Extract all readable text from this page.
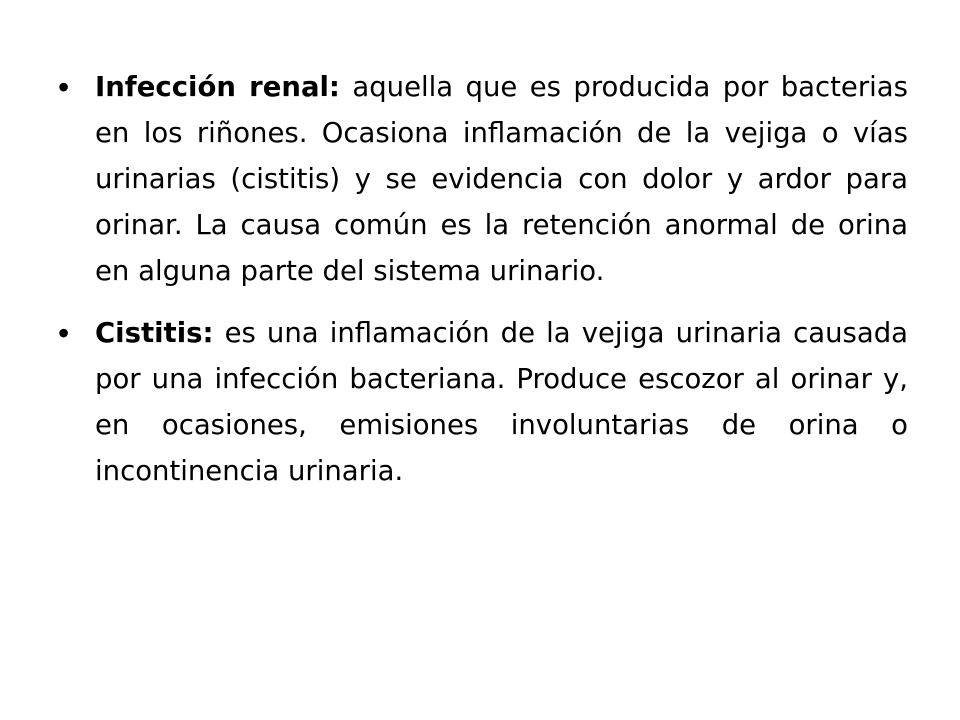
• Infección renal: aquella que es producida por bacterias en los riñones. Ocasiona inflamación de la vejiga o vías urinarias (cistitis) y se evidencia con dolor y ardor para orinar. La causa común es la retención anormal de orina en alguna parte del sistema urinario.

• Cistitis: es una inflamación de la vejiga urinaria causada por una infección bacteriana. Produce escozor al orinar y, en ocasiones, emisiones involuntarias de orina o incontinencia urinaria.
